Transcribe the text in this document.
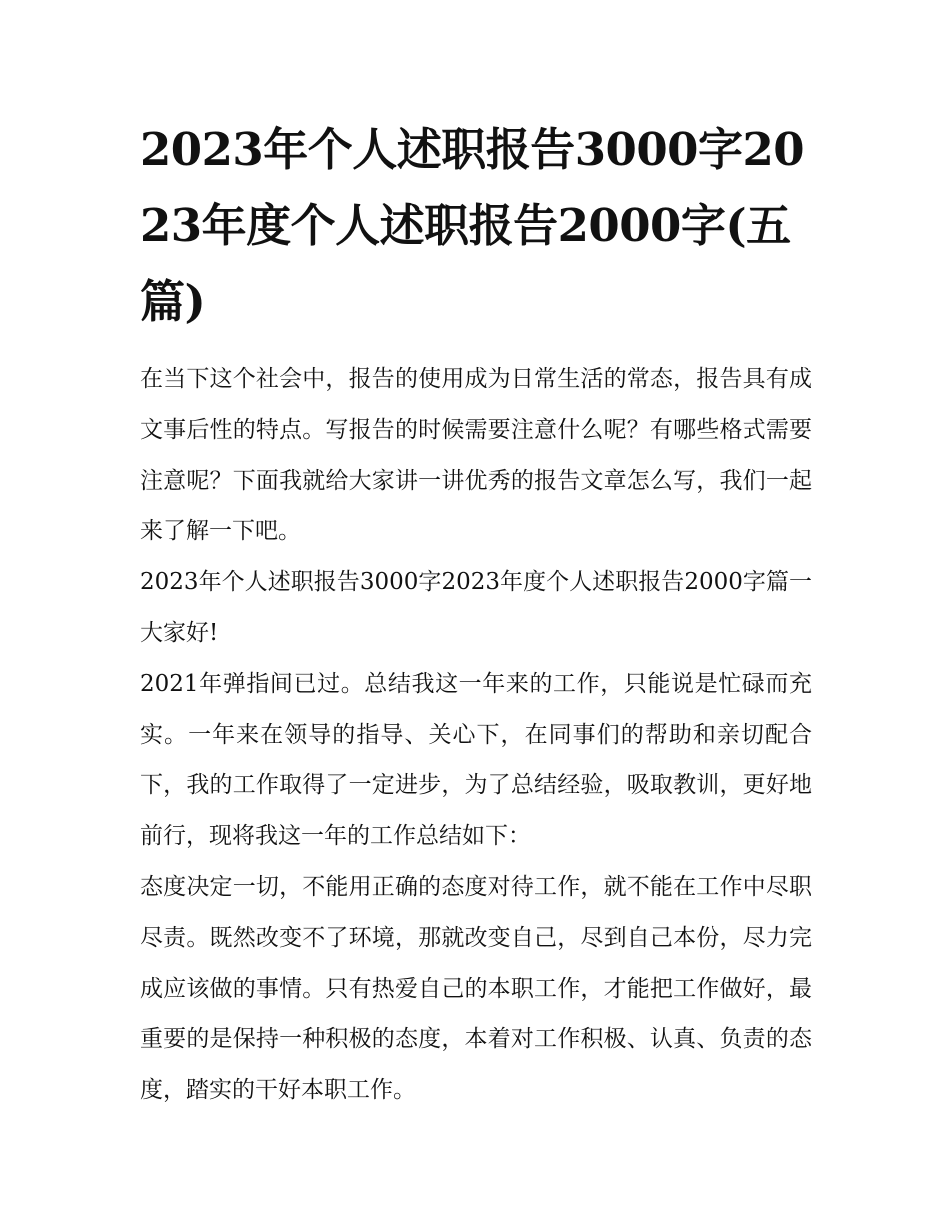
2023年个人述职报告3000字2023年度个人述职报告2000字(五篇)

在当下这个社会中，报告的使用成为日常生活的常态，报告具有成文事后性的特点。写报告的时候需要注意什么呢？有哪些格式需要注意呢？下面我就给大家讲一讲优秀的报告文章怎么写，我们一起来了解一下吧。

2023年个人述职报告3000字2023年度个人述职报告2000字篇一 大家好!

2021年弹指间已过。总结我这一年来的工作，只能说是忙碌而充实。一年来在领导的指导、关心下，在同事们的帮助和亲切配合下，我的工作取得了一定进步，为了总结经验，吸取教训，更好地前行，现将我这一年的工作总结如下：

态度决定一切，不能用正确的态度对待工作，就不能在工作中尽职尽责。既然改变不了环境，那就改变自己，尽到自己本份，尽力完成应该做的事情。只有热爱自己的本职工作，才能把工作做好，最重要的是保持一种积极的态度，本着对工作积极、认真、负责的态度，踏实的干好本职工作。
